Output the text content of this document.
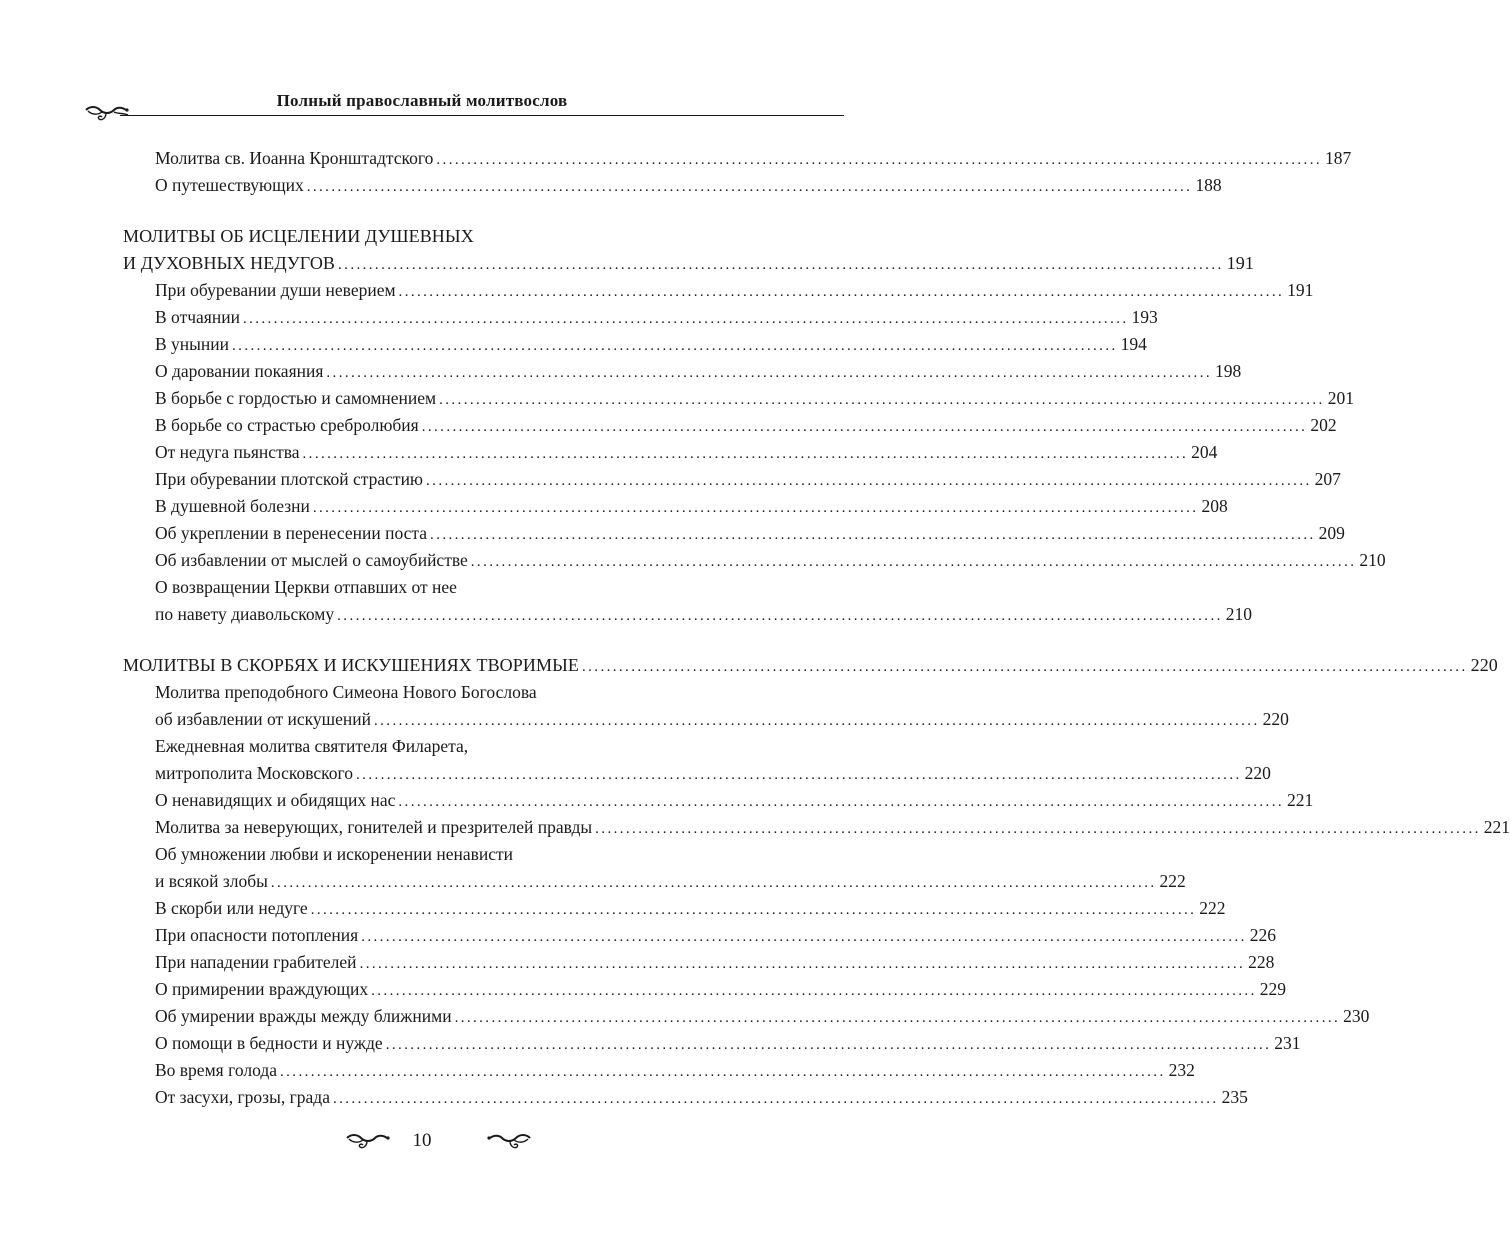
Полный православный молитвослов
Молитва св. Иоанна Кронштадтского ................................................................................................................................................ 187
О путешествующих ................................................................................................................................................ 188
МОЛИТВЫ ОБ ИСЦЕЛЕНИИ ДУШЕВНЫХ
И ДУХОВНЫХ НЕДУГОВ ................................................................................................................................................ 191
При обуревании души неверием ................................................................................................................................................ 191
В отчаянии ................................................................................................................................................ 193
В унынии ................................................................................................................................................ 194
О даровании покаяния ................................................................................................................................................ 198
В борьбе с гордостью и самомнением ................................................................................................................................................ 201
В борьбе со страстью сребролюбия ................................................................................................................................................ 202
От недуга пьянства ................................................................................................................................................ 204
При обуревании плотской страстию ................................................................................................................................................ 207
В душевной болезни ................................................................................................................................................ 208
Об укреплении в перенесении поста ................................................................................................................................................ 209
Об избавлении от мыслей о самоубийстве ................................................................................................................................................ 210
О возвращении Церкви отпавших от нее
по навету диавольскому ................................................................................................................................................ 210
МОЛИТВЫ В СКОРБЯХ И ИСКУШЕНИЯХ ТВОРИМЫЕ ................................................................................................................................................ 220
Молитва преподобного Симеона Нового Богослова
об избавлении от искушений ................................................................................................................................................ 220
Ежедневная молитва святителя Филарета,
митрополита Московского ................................................................................................................................................ 220
О ненавидящих и обидящих нас ................................................................................................................................................ 221
Молитва за неверующих, гонителей и презрителей правды ................................................................................................................................................ 221
Об умножении любви и искоренении ненависти
и всякой злобы ................................................................................................................................................ 222
В скорби или недуге ................................................................................................................................................ 222
При опасности потопления ................................................................................................................................................ 226
При нападении грабителей ................................................................................................................................................ 228
О примирении враждующих ................................................................................................................................................ 229
Об умирении вражды между ближними ................................................................................................................................................ 230
О помощи в бедности и нужде ................................................................................................................................................ 231
Во время голода ................................................................................................................................................ 232
От засухи, грозы, града ................................................................................................................................................ 235
10
